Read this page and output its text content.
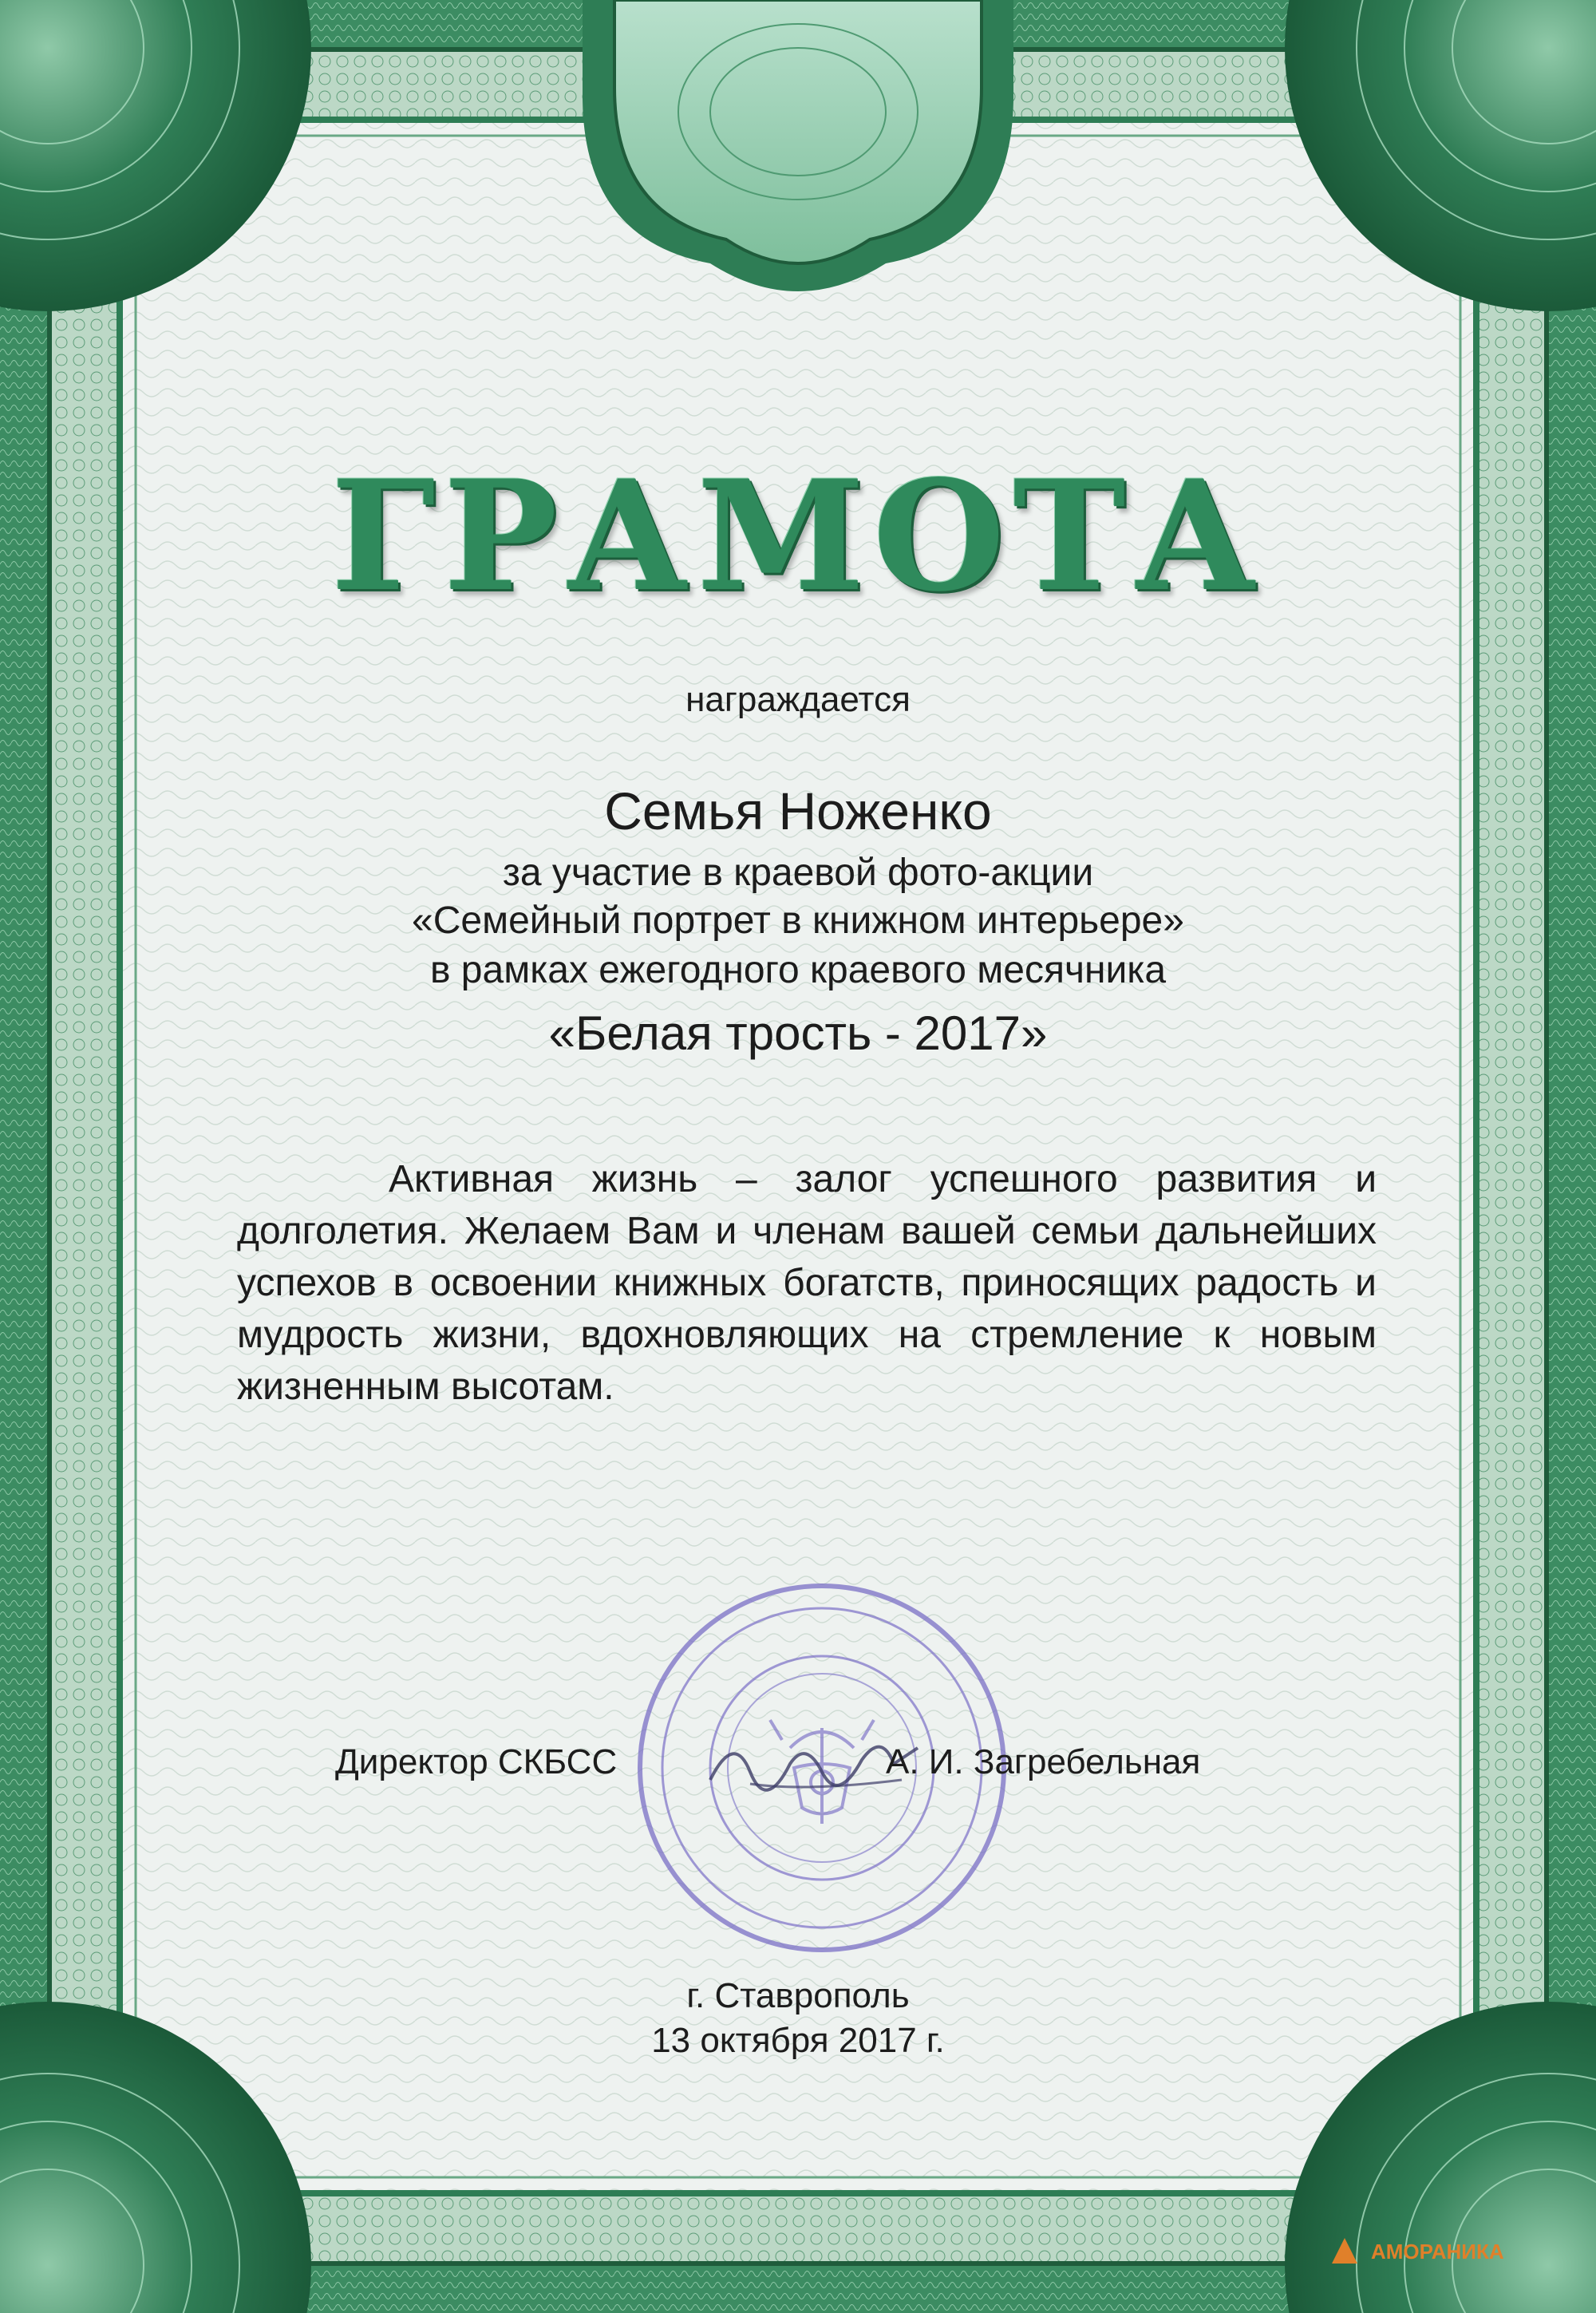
ГРАМОТА
награждается
Семья Ноженко
за участие в краевой фото-акции
«Семейный портрет в книжном интерьере»
в рамках ежегодного краевого месячника
«Белая трость - 2017»
Активная жизнь – залог успешного развития и долголетия. Желаем Вам и членам вашей семьи дальнейших успехов в освоении книжных богатств, приносящих радость и мудрость жизни, вдохновляющих на стремление к новым жизненным высотам.
Директор СКБСС	А. И. Загребельная
г. Ставрополь
13 октября 2017 г.
АМОРАНИКА
